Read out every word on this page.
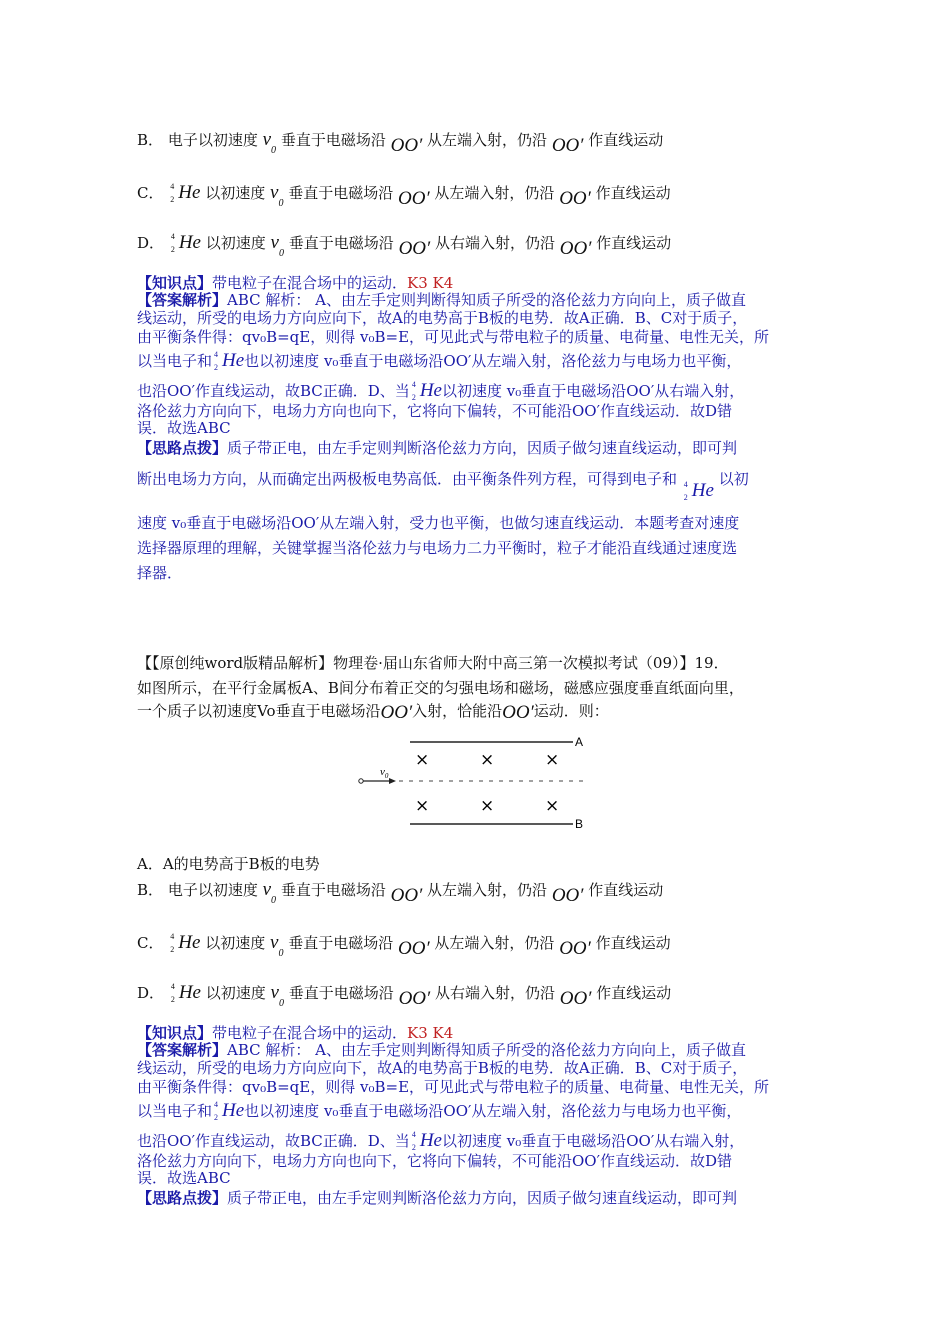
B． 电子以初速度 $v_0$ 垂直于电磁场沿 OO′ 从左端入射，仍沿 OO′ 作直线运动
C． 4
2 He 以初速度 $v_0$ 垂直于电磁场沿 OO′ 从左端入射，仍沿 OO′ 作直线运动
D． 4
2 He 以初速度 $v_0$ 垂直于电磁场沿 OO′ 从右端入射，仍沿 OO′ 作直线运动
【知识点】带电粒子在混合场中的运动．K3 K4
【答案解析】ABC 解析： A、由左手定则判断得知质子所受的洛伦兹力方向向上，质子做直
线运动，所受的电场力方向应向下，故A的电势高于B板的电势．故A正确．B、C对于质子，
由平衡条件得：qv₀B=qE，则得 v₀B=E，可见此式与带电粒子的质量、电荷量、电性无关，所
以当电子和 4
2 He也以初速度 v₀垂直于电磁场沿OO′从左端入射，洛伦兹力与电场力也平衡，
也沿OO′作直线运动，故BC正确．D、当 4
2 He以初速度 v₀垂直于电磁场沿OO′从右端入射，
洛伦兹力方向向下，电场力方向也向下，它将向下偏转，不可能沿OO′作直线运动．故D错
误．故选ABC
【思路点拨】质子带正电，由左手定则判断洛伦兹力方向，因质子做匀速直线运动，即可判
断出电场力方向，从而确定出两极板电势高低．由平衡条件列方程，可得到电子和 4
2 He 以初
速度 v₀垂直于电磁场沿OO′从左端入射，受力也平衡，也做匀速直线运动．本题考查对速度
选择器原理的理解，关键掌握当洛伦兹力与电场力二力平衡时，粒子才能沿直线通过速度选
择器．
【【原创纯word版精品解析】物理卷·届山东省师大附中高三第一次模拟考试（09）】19．
如图所示，在平行金属板A、B间分布着正交的匀强电场和磁场，磁感应强度垂直纸面向里，
一个质子以初速度Vo垂直于电磁场沿OO′入射，恰能沿OO′运动．则：
A
B
$v_0$
×	×	×
×	×	×
A．A的电势高于B板的电势
B． 电子以初速度 $v_0$ 垂直于电磁场沿 OO′ 从左端入射，仍沿 OO′ 作直线运动
C． 4
2 He 以初速度 $v_0$ 垂直于电磁场沿 OO′ 从左端入射，仍沿 OO′ 作直线运动
D． 4
2 He 以初速度 $v_0$ 垂直于电磁场沿 OO′ 从右端入射，仍沿 OO′ 作直线运动
【知识点】带电粒子在混合场中的运动．K3 K4
【答案解析】ABC 解析： A、由左手定则判断得知质子所受的洛伦兹力方向向上，质子做直
线运动，所受的电场力方向应向下，故A的电势高于B板的电势．故A正确．B、C对于质子，
由平衡条件得：qv₀B=qE，则得 v₀B=E，可见此式与带电粒子的质量、电荷量、电性无关，所
以当电子和 4
2 He也以初速度 v₀垂直于电磁场沿OO′从左端入射，洛伦兹力与电场力也平衡，
也沿OO′作直线运动，故BC正确．D、当 4
2 He以初速度 v₀垂直于电磁场沿OO′从右端入射，
洛伦兹力方向向下，电场力方向也向下，它将向下偏转，不可能沿OO′作直线运动．故D错
误．故选ABC
【思路点拨】质子带正电，由左手定则判断洛伦兹力方向，因质子做匀速直线运动，即可判
